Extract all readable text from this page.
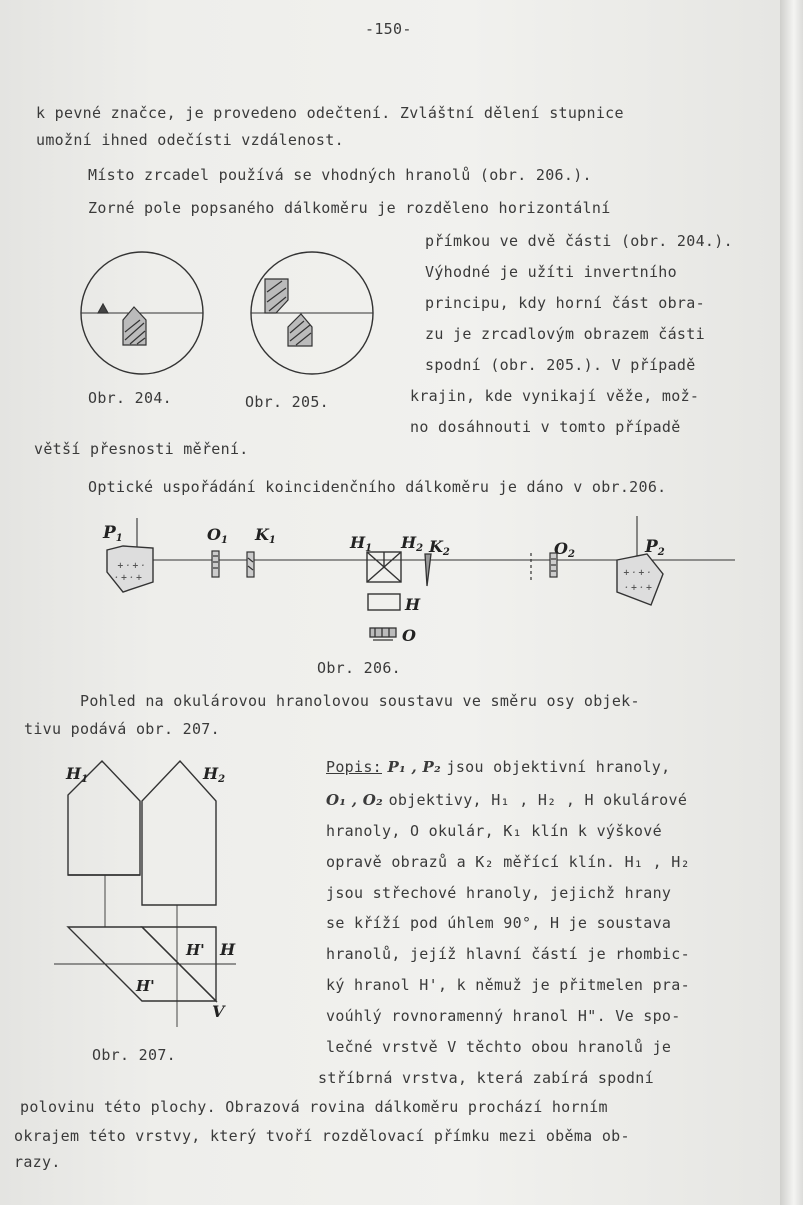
-150-
k pevné značce, je provedeno odečtení. Zvláštní dělení stupnice
umožní ihned odečísti vzdálenost.
Místo zrcadel používá se vhodných hranolů (obr. 206.).
Zorné pole popsaného dálkoměru je rozděleno horizontální
přímkou ve dvě části (obr. 204.).
Výhodné je užíti invertního
principu, kdy horní část obra-
zu je zrcadlovým obrazem části
spodní (obr. 205.). V případě
krajin, kde vynikají věže, mož-
no dosáhnouti v tomto případě
Obr. 204.	Obr. 205.
větší přesnosti měření.
Optické uspořádání koincidenčního dálkoměru je dáno v obr.206.
+ · + ·
· + · +	+ · + ·
· + · +
P1	O1 K1	H1 H2 K2	O2	P2
H
O
Obr. 206.
Pohled na okulárovou hranolovou soustavu ve směru osy objek-
tivu podává obr. 207.
H1	H2
H' H
H'
V
Obr. 207.
Popis: P₁ , P₂ jsou objektivní hranoly,
O₁ , O₂ objektivy, H₁ , H₂ , H okulárové
hranoly, O okulár, K₁ klín k výškové
opravě obrazů a K₂ měřící klín. H₁ , H₂
jsou střechové hranoly, jejichž hrany
se kříží pod úhlem 90°, H je soustava
hranolů, jejíž hlavní částí je rhombic-
ký hranol H', k němuž je přitmelen pra-
voúhlý rovnoramenný hranol H". Ve spo-
lečné vrstvě V těchto obou hranolů je
stříbrná vrstva, která zabírá spodní
polovinu této plochy. Obrazová rovina dálkoměru prochází horním
okrajem této vrstvy, který tvoří rozdělovací přímku mezi oběma ob-
razy.
